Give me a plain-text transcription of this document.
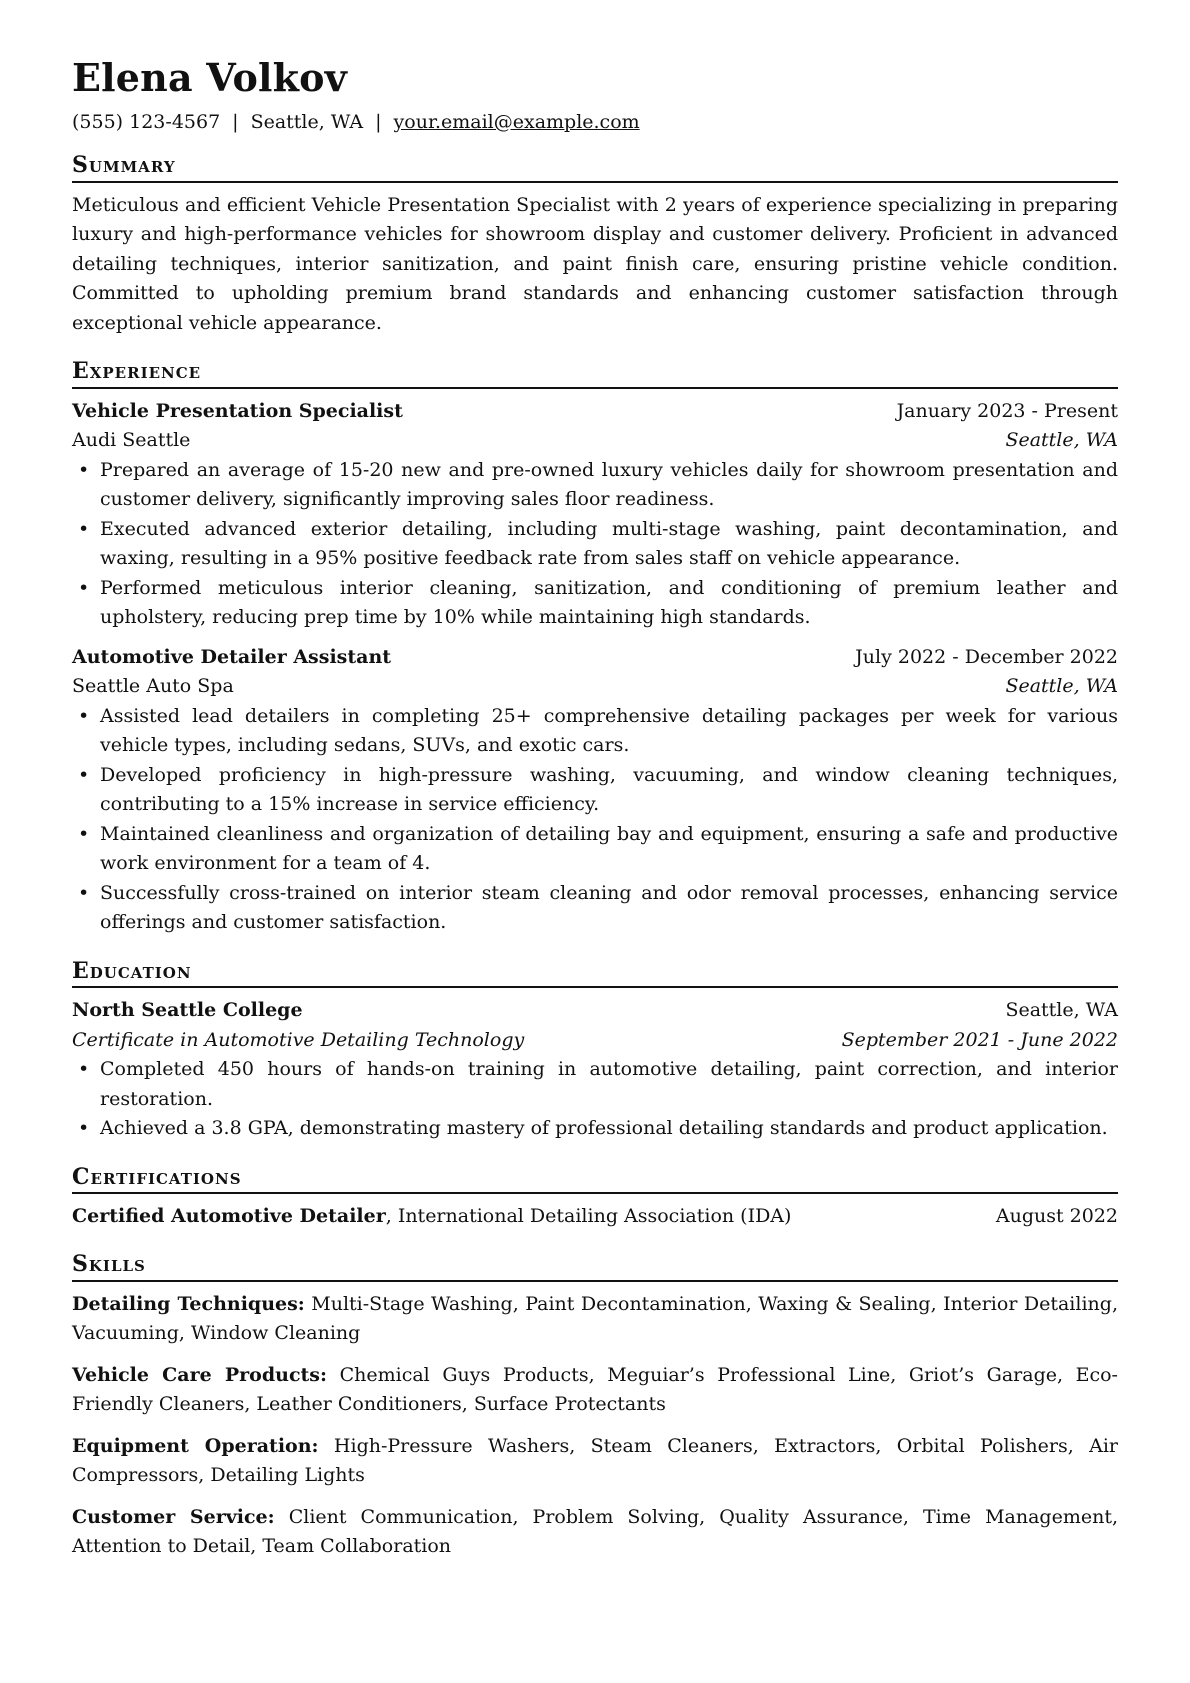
Elena Volkov
(555) 123-4567 | Seattle, WA | your.email@example.com
Summary

Meticulous and efficient Vehicle Presentation Specialist with 2 years of experience specializing in preparing luxury and high-performance vehicles for showroom display and customer delivery. Proficient in advanced detailing techniques, interior sanitization, and paint finish care, ensuring pristine vehicle condition. Committed to upholding premium brand standards and enhancing customer satisfaction through exceptional vehicle appearance.

Experience
Vehicle Presentation Specialist	January 2023 - Present
Audi Seattle	Seattle, WA
• Prepared an average of 15-20 new and pre-owned luxury vehicles daily for showroom presentation and customer delivery, significantly improving sales floor readiness.
• Executed advanced exterior detailing, including multi-stage washing, paint decontamination, and waxing, resulting in a 95% positive feedback rate from sales staff on vehicle appearance.
• Performed meticulous interior cleaning, sanitization, and conditioning of premium leather and upholstery, reducing prep time by 10% while maintaining high standards.
Automotive Detailer Assistant	July 2022 - December 2022
Seattle Auto Spa	Seattle, WA
• Assisted lead detailers in completing 25+ comprehensive detailing packages per week for various vehicle types, including sedans, SUVs, and exotic cars.
• Developed proficiency in high-pressure washing, vacuuming, and window cleaning techniques, contributing to a 15% increase in service efficiency.
• Maintained cleanliness and organization of detailing bay and equipment, ensuring a safe and productive work environment for a team of 4.
• Successfully cross-trained on interior steam cleaning and odor removal processes, enhancing service offerings and customer satisfaction.
Education
North Seattle College	Seattle, WA
Certificate in Automotive Detailing Technology	September 2021 - June 2022
• Completed 450 hours of hands-on training in automotive detailing, paint correction, and interior restoration.
• Achieved a 3.8 GPA, demonstrating mastery of professional detailing standards and product application.
Certifications
Certified Automotive Detailer, International Detailing Association (IDA)	August 2022
Skills
Detailing Techniques: Multi-Stage Washing, Paint Decontamination, Waxing & Sealing, Interior Detailing, Vacuuming, Window Cleaning
Vehicle Care Products: Chemical Guys Products, Meguiar’s Professional Line, Griot’s Garage, Eco-Friendly Cleaners, Leather Conditioners, Surface Protectants
Equipment Operation: High-Pressure Washers, Steam Cleaners, Extractors, Orbital Polishers, Air Compressors, Detailing Lights
Customer Service: Client Communication, Problem Solving, Quality Assurance, Time Management, Attention to Detail, Team Collaboration
